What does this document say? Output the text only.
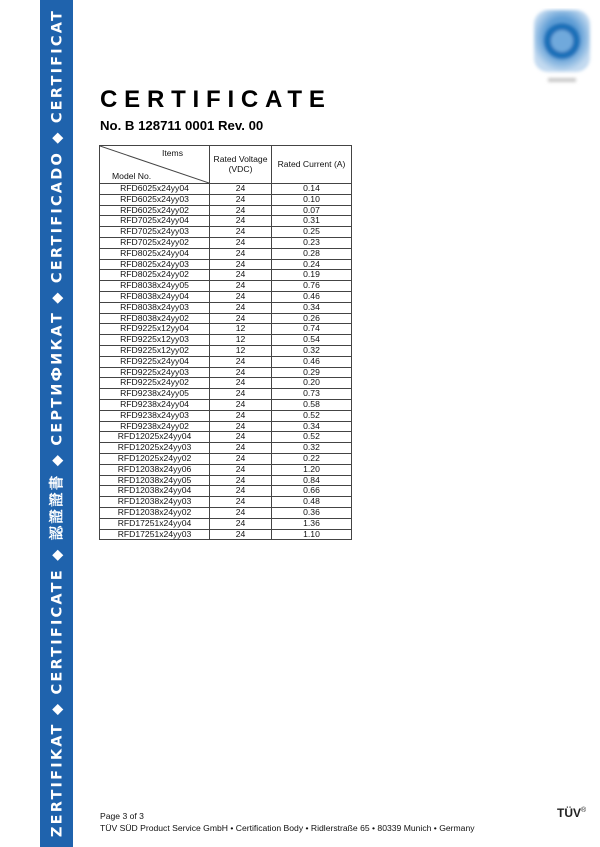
ZERTIFIKAT ◆ CERTIFICATE ◆ 認證證書 ◆ СЕРТИФИКАТ ◆ CERTIFICADO ◆ CERTIFICAT CERTIFICATE
No. B 128711 0001 Rev. 00
Items
Model No.	Rated Voltage (VDC)	Rated Current (A)
RFD6025x24yy04	24	0.14
RFD6025x24yy03	24	0.10
RFD6025x24yy02	24	0.07
RFD7025x24yy04	24	0.31
RFD7025x24yy03	24	0.25
RFD7025x24yy02	24	0.23
RFD8025x24yy04	24	0.28
RFD8025x24yy03	24	0.24
RFD8025x24yy02	24	0.19
RFD8038x24yy05	24	0.76
RFD8038x24yy04	24	0.46
RFD8038x24yy03	24	0.34
RFD8038x24yy02	24	0.26
RFD9225x12yy04	12	0.74
RFD9225x12yy03	12	0.54
RFD9225x12yy02	12	0.32
RFD9225x24yy04	24	0.46
RFD9225x24yy03	24	0.29
RFD9225x24yy02	24	0.20
RFD9238x24yy05	24	0.73
RFD9238x24yy04	24	0.58
RFD9238x24yy03	24	0.52
RFD9238x24yy02	24	0.34
RFD12025x24yy04	24	0.52
RFD12025x24yy03	24	0.32
RFD12025x24yy02	24	0.22
RFD12038x24yy06	24	1.20
RFD12038x24yy05	24	0.84
RFD12038x24yy04	24	0.66
RFD12038x24yy03	24	0.48
RFD12038x24yy02	24	0.36
RFD17251x24yy04	24	1.36
RFD17251x24yy03	24	1.10
Page 3 of 3
TÜV SÜD Product Service GmbH • Certification Body • Ridlerstraße 65 • 80339 Munich • Germany
TÜV®
